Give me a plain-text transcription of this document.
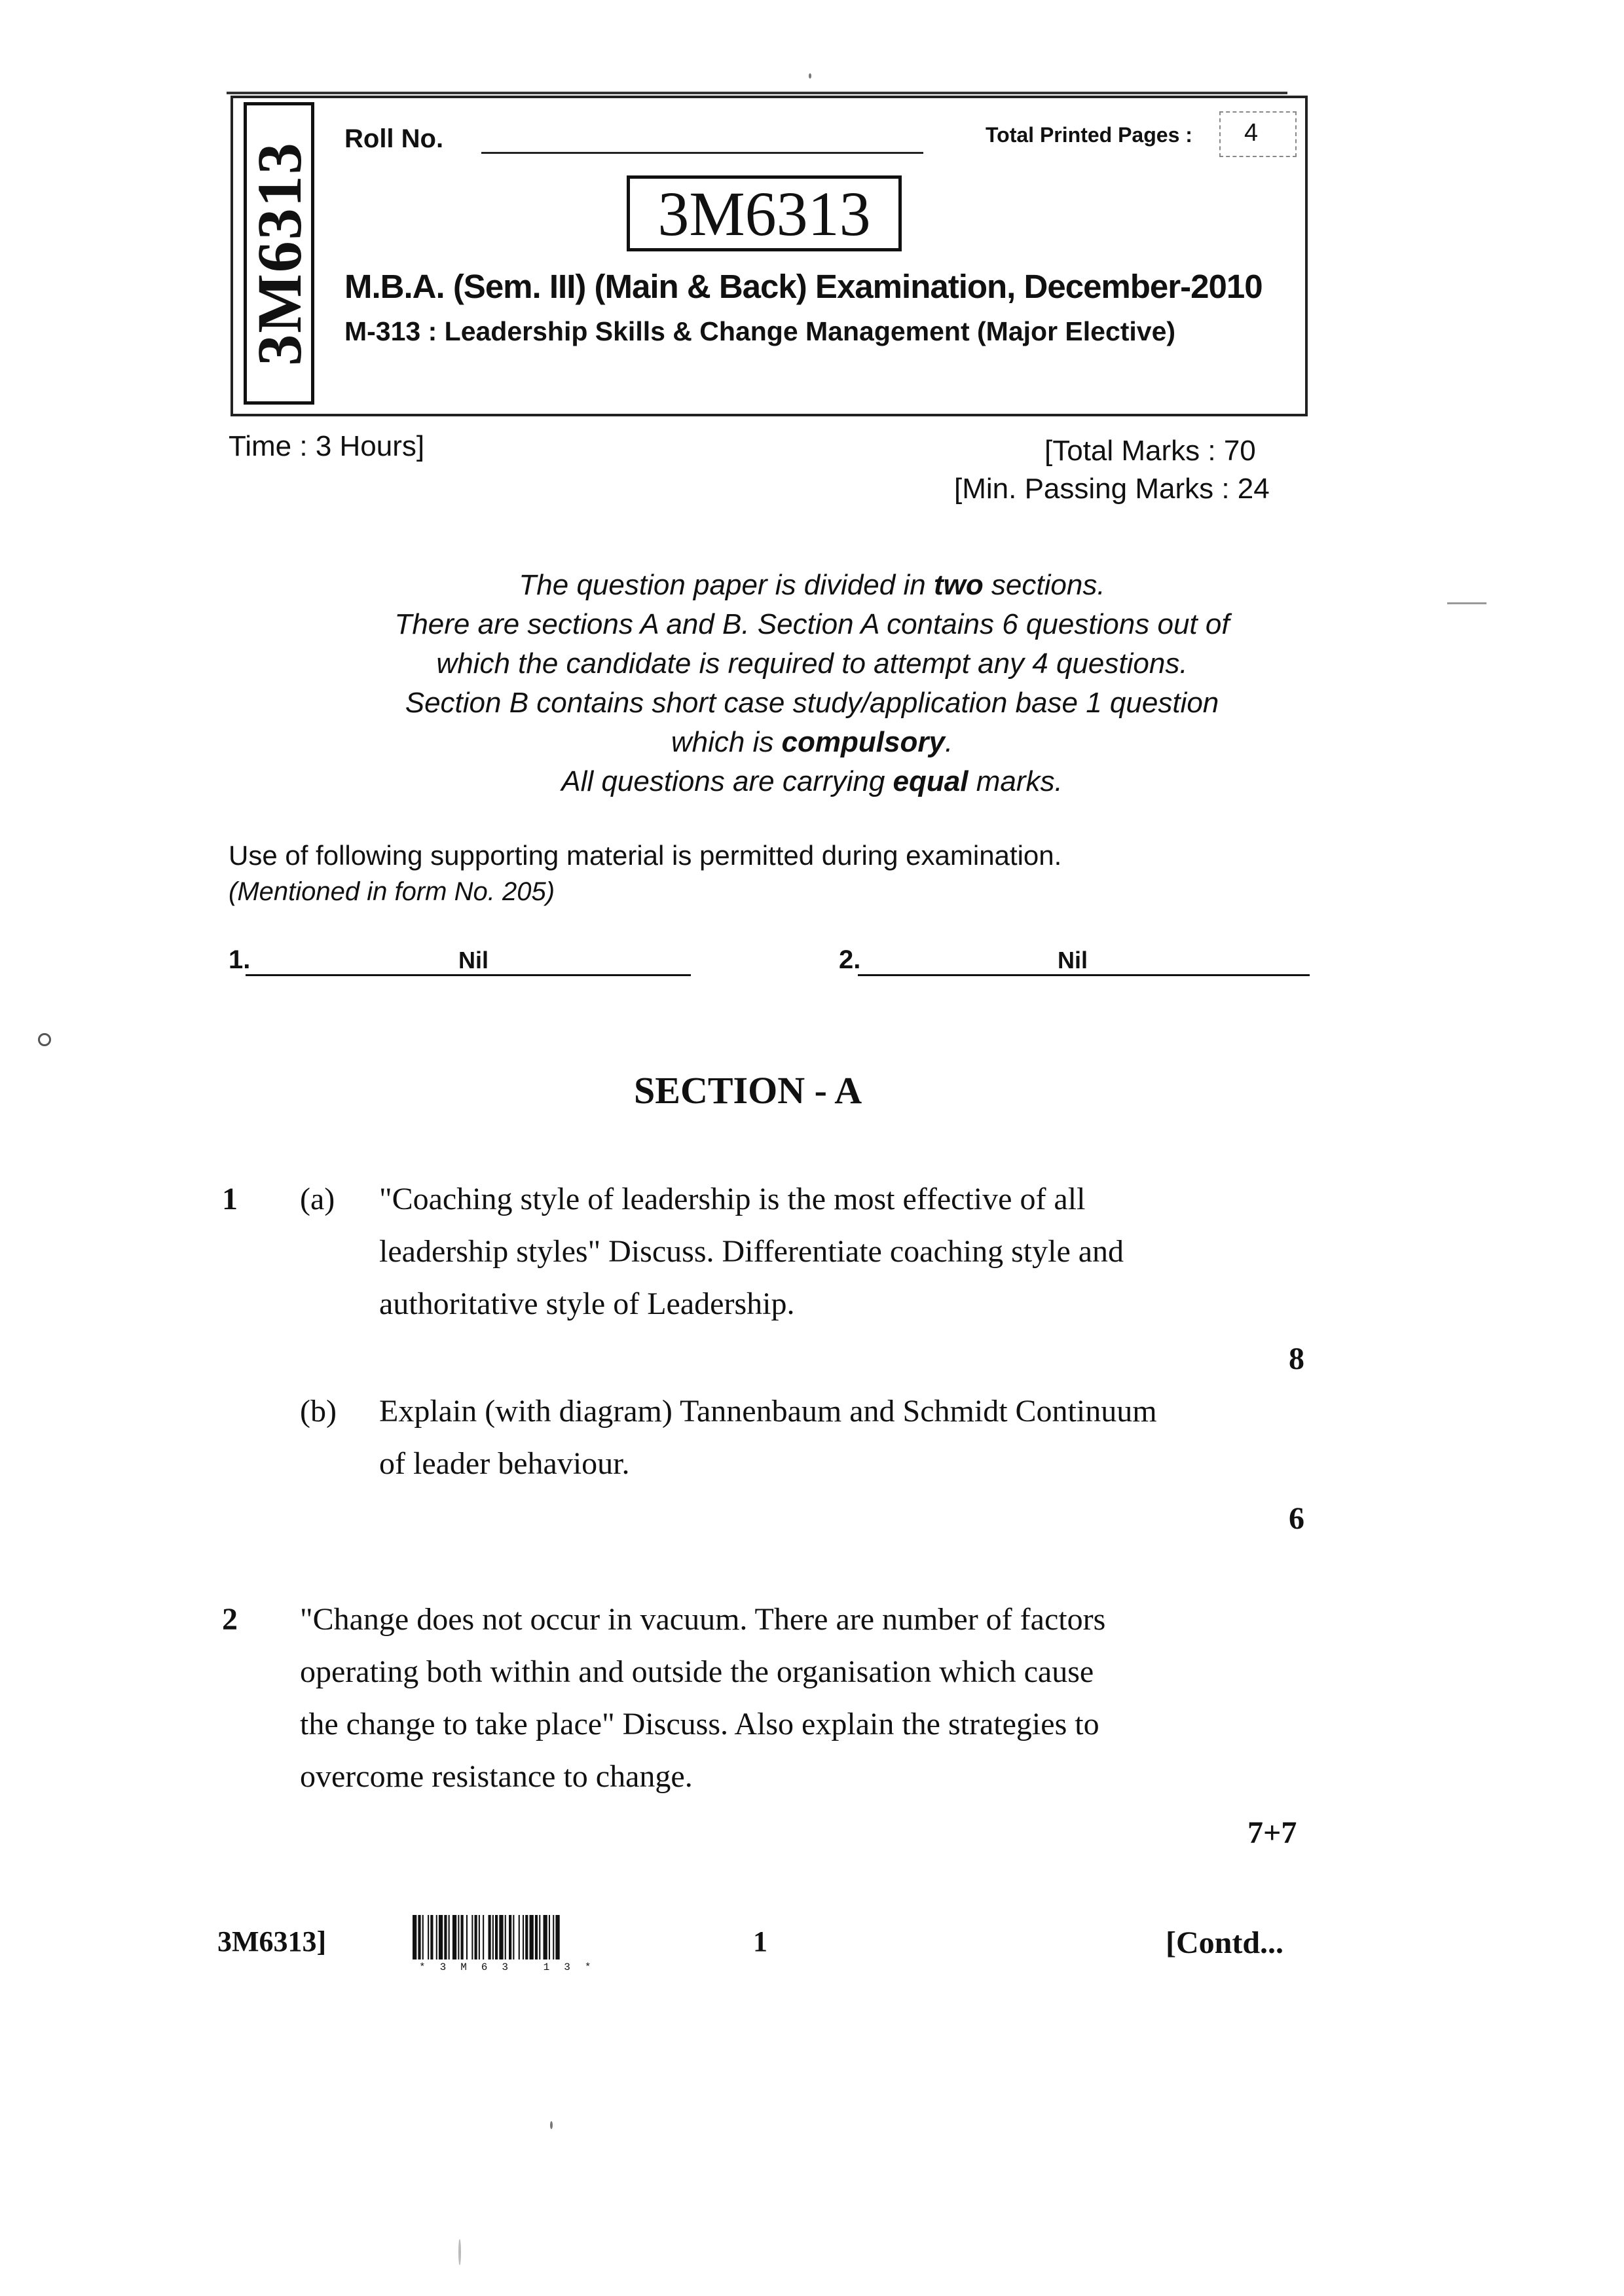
3M6313
Roll No.	Total Printed Pages : 4
3M6313
M.B.A. (Sem. III) (Main & Back) Examination, December-2010
M-313 : Leadership Skills & Change Management (Major Elective)
Time : 3 Hours]	[Total Marks : 70
[Min. Passing Marks : 24
The question paper is divided in two sections.
There are sections A and B. Section A contains 6 questions out of
which the candidate is required to attempt any 4 questions.
Section B contains short case study/application base 1 question
which is compulsory.
All questions are carrying equal marks.
Use of following supporting material is permitted during examination.
(Mentioned in form No. 205)
1.	Nil	2.	Nil
SECTION - A
1 (a) "Coaching style of leadership is the most effective of all
leadership styles" Discuss. Differentiate coaching style and
authoritative style of Leadership.
8
(b) Explain (with diagram) Tannenbaum and Schmidt Continuum
of leader behaviour.
6
2 "Change does not occur in vacuum. There are number of factors
operating both within and outside the organisation which cause
the change to take place" Discuss. Also explain the strategies to
overcome resistance to change.
7+7
3M6313]
*3M63 13*
1	[Contd...
